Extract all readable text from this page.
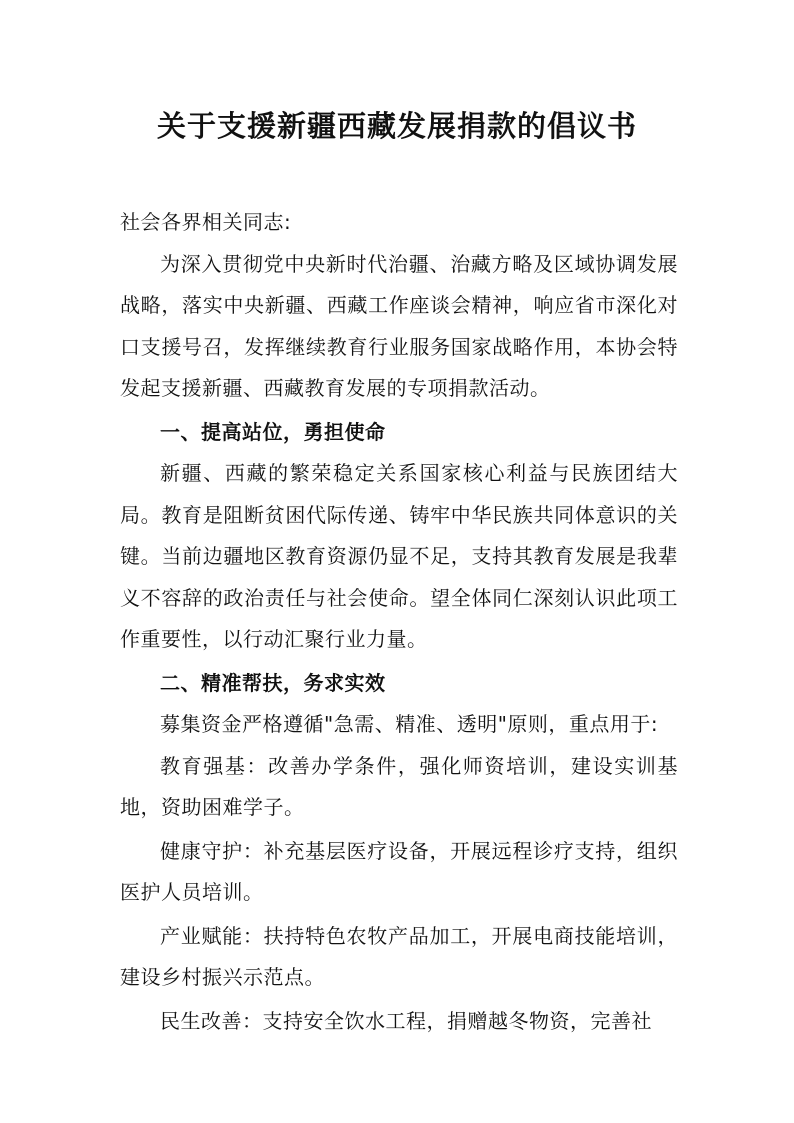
关于支援新疆西藏发展捐款的倡议书

社会各界相关同志:

为深入贯彻党中央新时代治疆、治藏方略及区域协调发展战略，落实中央新疆、西藏工作座谈会精神，响应省市深化对口支援号召，发挥继续教育行业服务国家战略作用，本协会特发起支援新疆、西藏教育发展的专项捐款活动。

一、提高站位，勇担使命

新疆、西藏的繁荣稳定关系国家核心利益与民族团结大局。教育是阻断贫困代际传递、铸牢中华民族共同体意识的关键。当前边疆地区教育资源仍显不足，支持其教育发展是我辈义不容辞的政治责任与社会使命。望全体同仁深刻认识此项工作重要性，以行动汇聚行业力量。

二、精准帮扶，务求实效

募集资金严格遵循"急需、精准、透明"原则，重点用于:

教育强基：改善办学条件，强化师资培训，建设实训基地，资助困难学子。

健康守护：补充基层医疗设备，开展远程诊疗支持，组织医护人员培训。

产业赋能：扶持特色农牧产品加工，开展电商技能培训，建设乡村振兴示范点。

民生改善：支持安全饮水工程，捐赠越冬物资，完善社
